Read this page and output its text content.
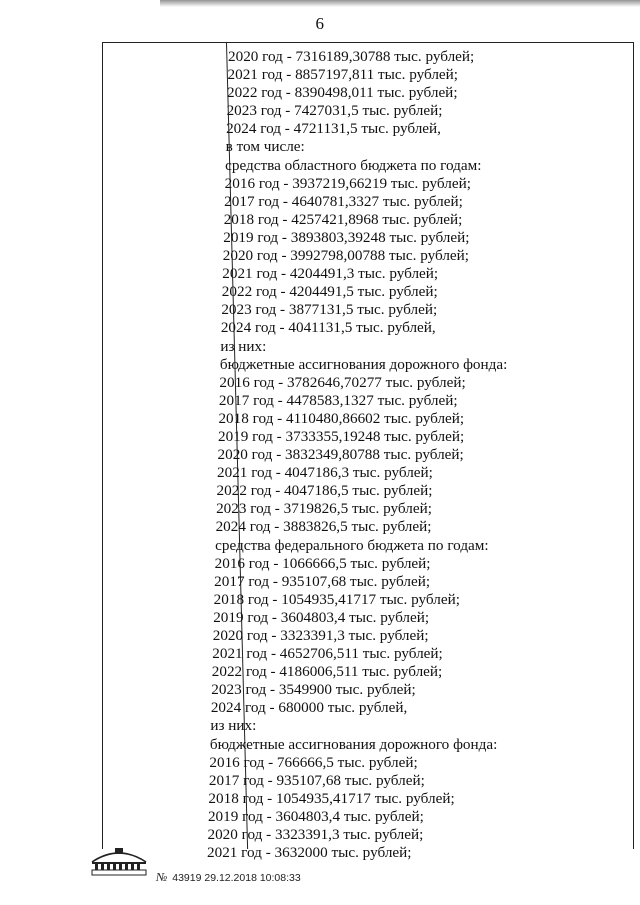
6
2020 год - 7316189,30788 тыс. рублей;
2021 год - 8857197,811 тыс. рублей;
2022 год - 8390498,011 тыс. рублей;
2023 год - 7427031,5 тыс. рублей;
2024 год - 4721131,5 тыс. рублей,
в том числе:
средства областного бюджета по годам:
2016 год - 3937219,66219 тыс. рублей;
2017 год - 4640781,3327 тыс. рублей;
2018 год - 4257421,8968 тыс. рублей;
2019 год - 3893803,39248 тыс. рублей;
2020 год - 3992798,00788 тыс. рублей;
2021 год - 4204491,3 тыс. рублей;
2022 год - 4204491,5 тыс. рублей;
2023 год - 3877131,5 тыс. рублей;
2024 год - 4041131,5 тыс. рублей,
из них:
бюджетные ассигнования дорожного фонда:
2016 год - 3782646,70277 тыс. рублей;
2017 год - 4478583,1327 тыс. рублей;
2018 год - 4110480,86602 тыс. рублей;
2019 год - 3733355,19248 тыс. рублей;
2020 год - 3832349,80788 тыс. рублей;
2021 год - 4047186,3 тыс. рублей;
2022 год - 4047186,5 тыс. рублей;
2023 год - 3719826,5 тыс. рублей;
2024 год - 3883826,5 тыс. рублей;
средства федерального бюджета по годам:
2016 год - 1066666,5 тыс. рублей;
2017 год - 935107,68 тыс. рублей;
2018 год - 1054935,41717 тыс. рублей;
2019 год - 3604803,4 тыс. рублей;
2020 год - 3323391,3 тыс. рублей;
2021 год - 4652706,511 тыс. рублей;
2022 год - 4186006,511 тыс. рублей;
2023 год - 3549900 тыс. рублей;
2024 год - 680000 тыс. рублей,
из них:
бюджетные ассигнования дорожного фонда:
2016 год - 766666,5 тыс. рублей;
2017 год - 935107,68 тыс. рублей;
2018 год - 1054935,41717 тыс. рублей;
2019 год - 3604803,4 тыс. рублей;
2020 год - 3323391,3 тыс. рублей;
2021 год - 3632000 тыс. рублей;
№ 43919 29.12.2018 10:08:33
